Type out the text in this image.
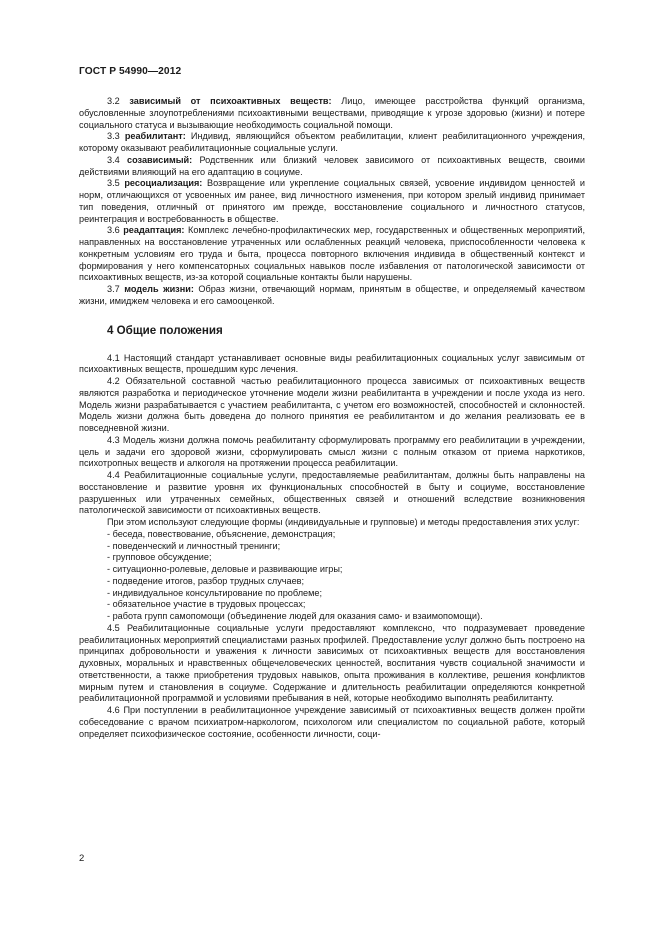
ГОСТ Р 54990—2012

3.2 зависимый от психоактивных веществ: Лицо, имеющее расстройства функций организма, обусловленные злоупотреблениями психоактивными веществами, приводящие к угрозе здоровью (жизни) и потере социального статуса и вызывающие необходимость социальной помощи.

3.3 реабилитант: Индивид, являющийся объектом реабилитации, клиент реабилитационного учреждения, которому оказывают реабилитационные социальные услуги.

3.4 созависимый: Родственник или близкий человек зависимого от психоактивных веществ, своими действиями влияющий на его адаптацию в социуме.

3.5 ресоциализация: Возвращение или укрепление социальных связей, усвоение индивидом ценностей и норм, отличающихся от усвоенных им ранее, вид личностного изменения, при котором зрелый индивид принимает тип поведения, отличный от принятого им прежде, восстановление социального и личностного статусов, реинтеграция и востребованность в обществе.

3.6 реадаптация: Комплекс лечебно-профилактических мер, государственных и общественных мероприятий, направленных на восстановление утраченных или ослабленных реакций человека, приспособленности человека к конкретным условиям его труда и быта, процесса повторного включения индивида в общественный контекст и формирования у него компенсаторных социальных навыков после избавления от патологической зависимости от психоактивных веществ, из-за которой социальные контакты были нарушены.

3.7 модель жизни: Образ жизни, отвечающий нормам, принятым в обществе, и определяемый качеством жизни, имиджем человека и его самооценкой.

4 Общие положения

4.1 Настоящий стандарт устанавливает основные виды реабилитационных социальных услуг зависимым от психоактивных веществ, прошедшим курс лечения.

4.2 Обязательной составной частью реабилитационного процесса зависимых от психоактивных веществ являются разработка и периодическое уточнение модели жизни реабилитанта в учреждении и после ухода из него. Модель жизни разрабатывается с участием реабилитанта, с учетом его возможностей, способностей и склонностей. Модель жизни должна быть доведена до полного принятия ее реабилитантом и до желания реализовать ее в повседневной жизни.

4.3 Модель жизни должна помочь реабилитанту сформулировать программу его реабилитации в учреждении, цель и задачи его здоровой жизни, сформулировать смысл жизни с полным отказом от приема наркотиков, психотропных веществ и алкоголя на протяжении процесса реабилитации.

4.4 Реабилитационные социальные услуги, предоставляемые реабилитантам, должны быть направлены на восстановление и развитие уровня их функциональных способностей в быту и социуме, восстановление разрушенных или утраченных семейных, общественных связей и отношений вследствие возникновения патологической зависимости от психоактивных веществ.

При этом используют следующие формы (индивидуальные и групповые) и методы предоставления этих услуг:

- беседа, повествование, объяснение, демонстрация;
- поведенческий и личностный тренинги;
- групповое обсуждение;
- ситуационно-ролевые, деловые и развивающие игры;
- подведение итогов, разбор трудных случаев;
- индивидуальное консультирование по проблеме;
- обязательное участие в трудовых процессах;
- работа групп самопомощи (объединение людей для оказания само- и взаимопомощи).

4.5 Реабилитационные социальные услуги предоставляют комплексно, что подразумевает проведение реабилитационных мероприятий специалистами разных профилей. Предоставление услуг должно быть построено на принципах добровольности и уважения к личности зависимых от психоактивных веществ для восстановления духовных, моральных и нравственных общечеловеческих ценностей, воспитания чувств социальной значимости и ответственности, а также приобретения трудовых навыков, опыта проживания в коллективе, решения конфликтов мирным путем и становления в социуме. Содержание и длительность реабилитации определяются конкретной реабилитационной программой и условиями пребывания в ней, которые необходимо выполнять реабилитанту.

4.6 При поступлении в реабилитационное учреждение зависимый от психоактивных веществ должен пройти собеседование с врачом психиатром-наркологом, психологом или специалистом по социальной работе, который определяет психофизическое состояние, особенности личности, соци-

2
